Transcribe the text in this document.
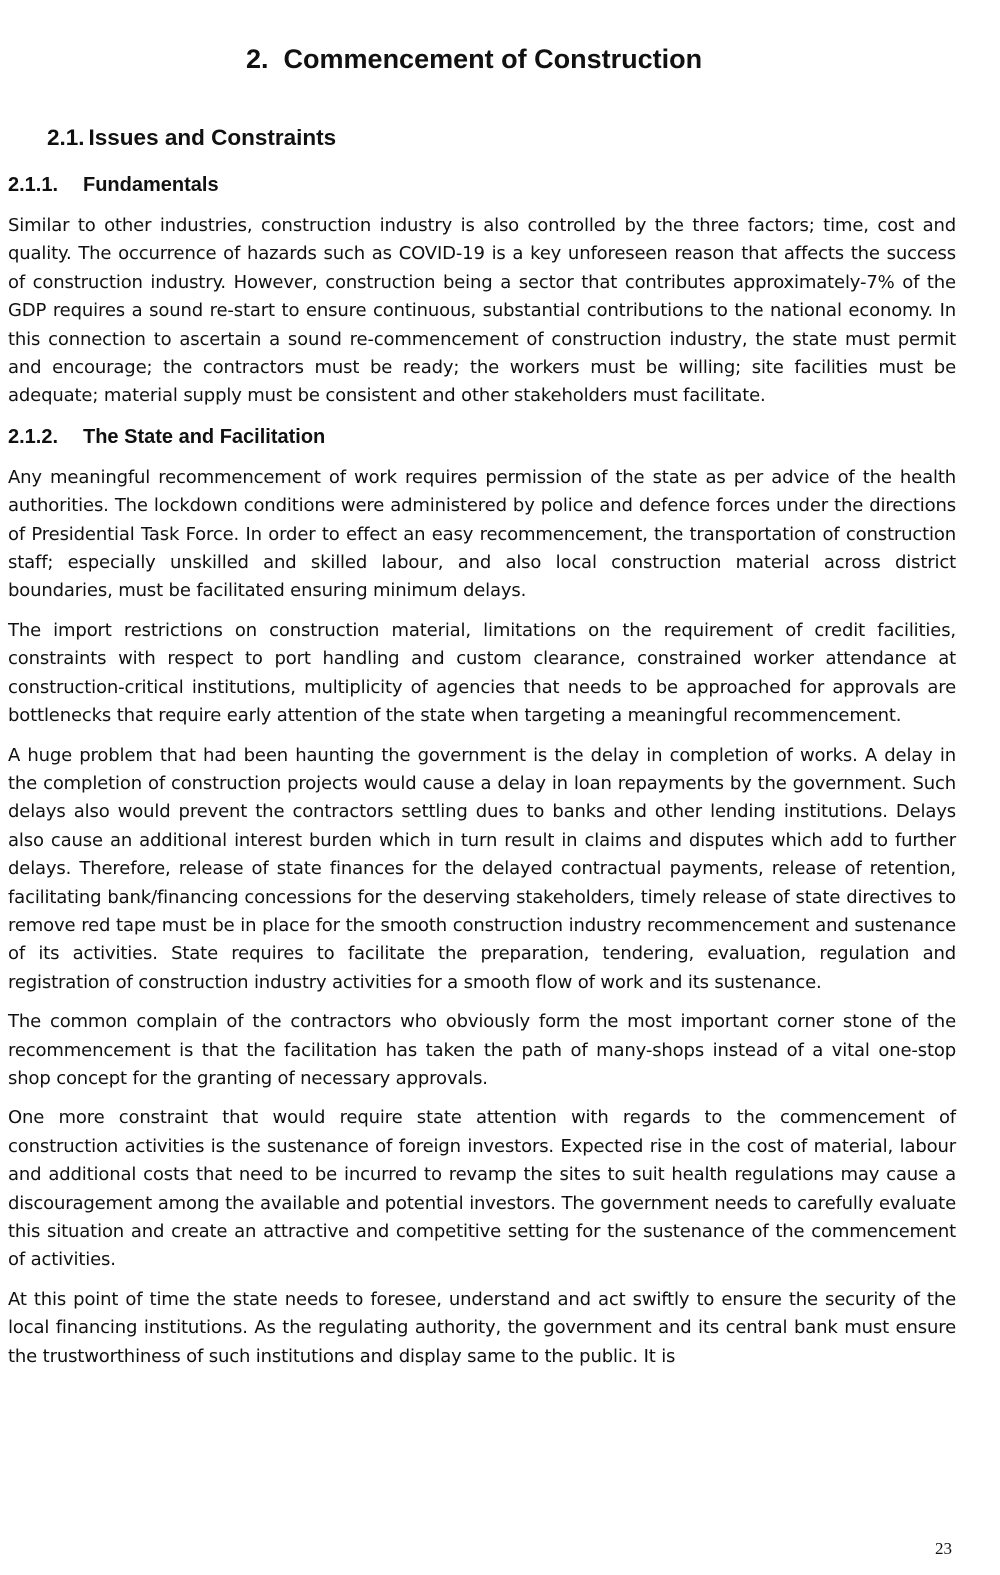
2. Commencement of Construction
2.1. Issues and Constraints
2.1.1. Fundamentals

Similar to other industries, construction industry is also controlled by the three factors; time, cost and quality. The occurrence of hazards such as COVID-19 is a key unforeseen reason that affects the success of construction industry. However, construction being a sector that contributes approximately-7% of the GDP requires a sound re-start to ensure continuous, substantial contributions to the national economy. In this connection to ascertain a sound re-commencement of construction industry, the state must permit and encourage; the contractors must be ready; the workers must be willing; site facilities must be adequate; material supply must be consistent and other stakeholders must facilitate.

2.1.2. The State and Facilitation

Any meaningful recommencement of work requires permission of the state as per advice of the health authorities. The lockdown conditions were administered by police and defence forces under the directions of Presidential Task Force. In order to effect an easy recommencement, the transportation of construction staff; especially unskilled and skilled labour, and also local construction material across district boundaries, must be facilitated ensuring minimum delays.

The import restrictions on construction material, limitations on the requirement of credit facilities, constraints with respect to port handling and custom clearance, constrained worker attendance at construction-critical institutions, multiplicity of agencies that needs to be approached for approvals are bottlenecks that require early attention of the state when targeting a meaningful recommencement.

A huge problem that had been haunting the government is the delay in completion of works. A delay in the completion of construction projects would cause a delay in loan repayments by the government. Such delays also would prevent the contractors settling dues to banks and other lending institutions. Delays also cause an additional interest burden which in turn result in claims and disputes which add to further delays. Therefore, release of state finances for the delayed contractual payments, release of retention, facilitating bank/financing concessions for the deserving stakeholders, timely release of state directives to remove red tape must be in place for the smooth construction industry recommencement and sustenance of its activities. State requires to facilitate the preparation, tendering, evaluation, regulation and registration of construction industry activities for a smooth flow of work and its sustenance.

The common complain of the contractors who obviously form the most important corner stone of the recommencement is that the facilitation has taken the path of many-shops instead of a vital one-stop shop concept for the granting of necessary approvals.

One more constraint that would require state attention with regards to the commencement of construction activities is the sustenance of foreign investors. Expected rise in the cost of material, labour and additional costs that need to be incurred to revamp the sites to suit health regulations may cause a discouragement among the available and potential investors. The government needs to carefully evaluate this situation and create an attractive and competitive setting for the sustenance of the commencement of activities.

At this point of time the state needs to foresee, understand and act swiftly to ensure the security of the local financing institutions. As the regulating authority, the government and its central bank must ensure the trustworthiness of such institutions and display same to the public. It is

23
